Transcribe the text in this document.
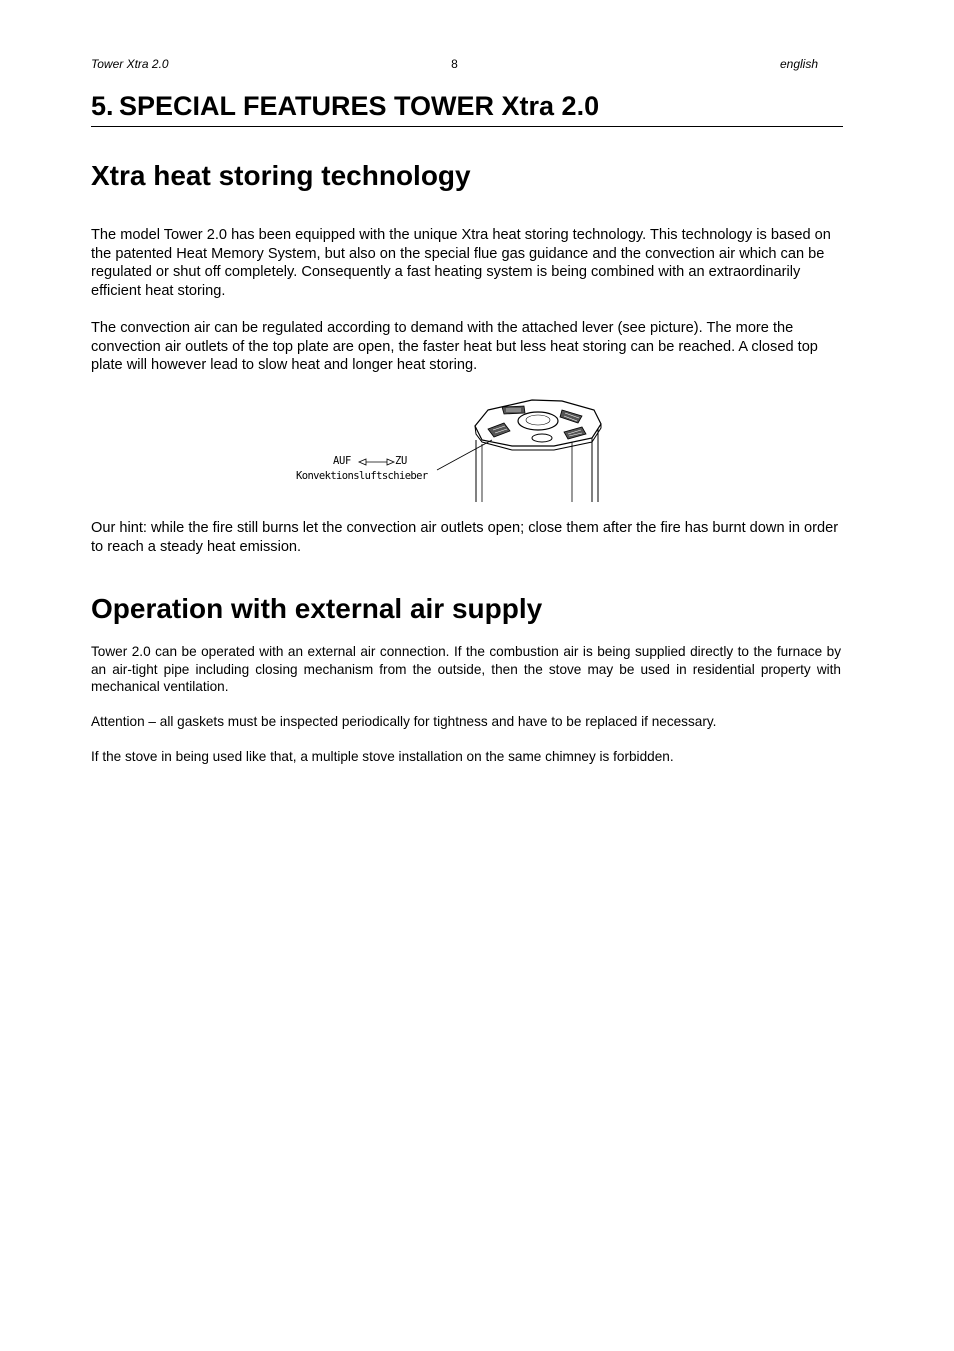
Tower Xtra 2.0	8	english
5. SPECIAL FEATURES TOWER Xtra 2.0
Xtra heat storing technology

The model Tower 2.0 has been equipped with the unique Xtra heat storing technology. This technology is based on the patented Heat Memory System, but also on the special flue gas guidance and the convection air which can be regulated or shut off completely. Consequently a fast heating system is being combined with an extraordinarily efficient heat storing.

The convection air can be regulated according to demand with the attached lever (see picture). The more the convection air outlets of the top plate are open, the faster heat but less heat storing can be reached. A closed top plate will however lead to slow heat and longer heat storing.

AUF	ZU
Konvektionsluftschieber

Our hint: while the fire still burns let the convection air outlets open; close them after the fire has burnt down in order to reach a steady heat emission.

Operation with external air supply

Tower 2.0 can be operated with an external air connection. If the combustion air is being supplied directly to the furnace by an air-tight pipe including closing mechanism from the outside, then the stove may be used in residential property with mechanical ventilation.

Attention – all gaskets must be inspected periodically for tightness and have to be replaced if necessary.

If the stove in being used like that, a multiple stove installation on the same chimney is forbidden.
